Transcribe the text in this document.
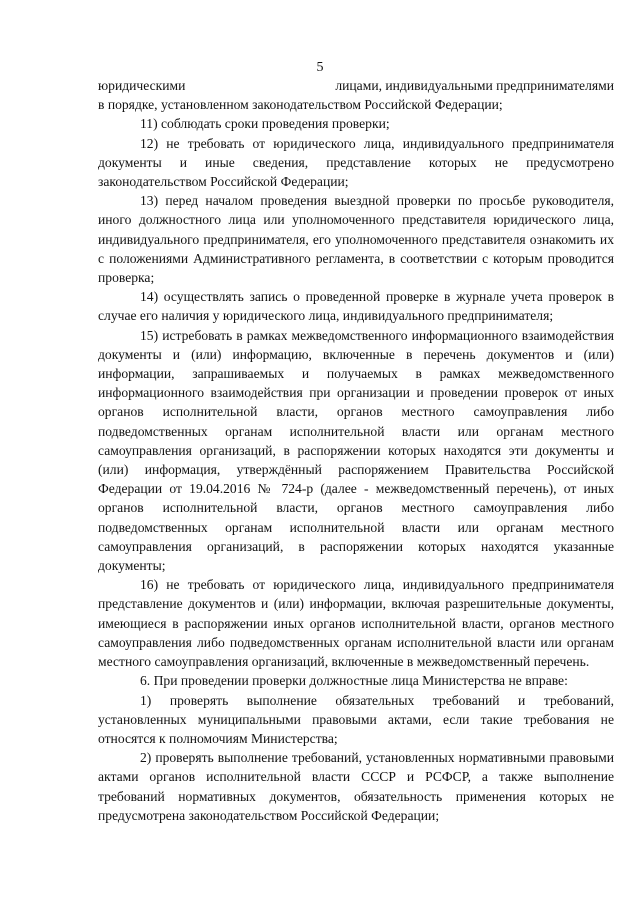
5
юридическими	лицами, индивидуальными предпринимателями

в порядке, установленном законодательством Российской Федерации;

11) соблюдать сроки проведения проверки;

12) не требовать от юридического лица, индивидуального предпринимателя документы и иные сведения, представление которых не предусмотрено законодательством Российской Федерации;

13) перед началом проведения выездной проверки по просьбе руководителя, иного должностного лица или уполномоченного представителя юридического лица, индивидуального предпринимателя, его уполномоченного представителя ознакомить их с положениями Административного регламента, в соответствии с которым проводится проверка;

14) осуществлять запись о проведенной проверке в журнале учета проверок в случае его наличия у юридического лица, индивидуального предпринимателя;

15) истребовать в рамках межведомственного информационного взаимодействия документы и (или) информацию, включенные в перечень документов и (или) информации, запрашиваемых и получаемых в рамках межведомственного информационного взаимодействия при организации и проведении проверок от иных органов исполнительной власти, органов местного самоуправления либо подведомственных органам исполнительной власти или органам местного самоуправления организаций, в распоряжении которых находятся эти документы и (или) информация, утверждённый распоряжением Правительства Российской Федерации от 19.04.2016 № 724-р (далее - межведомственный перечень), от иных органов исполнительной власти, органов местного самоуправления либо подведомственных органам исполнительной власти или органам местного самоуправления организаций, в распоряжении которых находятся указанные документы;

16) не требовать от юридического лица, индивидуального предпринимателя представление документов и (или) информации, включая разрешительные документы, имеющиеся в распоряжении иных органов исполнительной власти, органов местного самоуправления либо подведомственных органам исполнительной власти или органам местного самоуправления организаций, включенные в межведомственный перечень.

6. При проведении проверки должностные лица Министерства не вправе:

1) проверять выполнение обязательных требований и требований, установленных муниципальными правовыми актами, если такие требования не относятся к полномочиям Министерства;

2) проверять выполнение требований, установленных нормативными правовыми актами органов исполнительной власти СССР и РСФСР, а также выполнение требований нормативных документов, обязательность применения которых не предусмотрена законодательством Российской Федерации;
